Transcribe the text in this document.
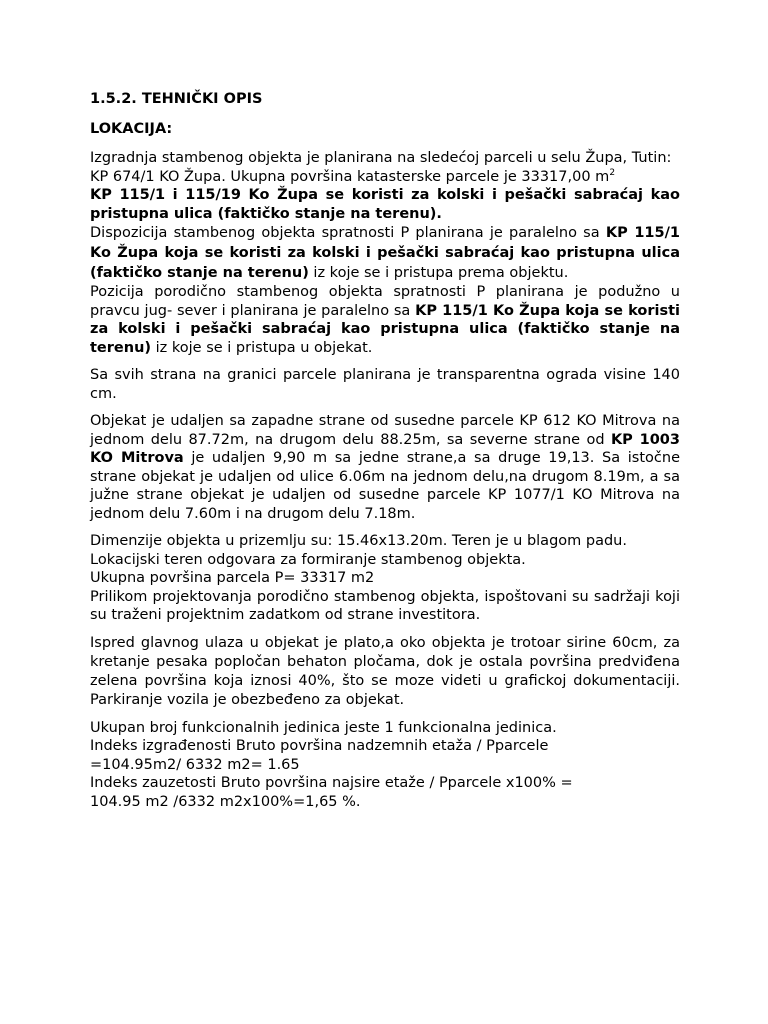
1.5.2. TEHNIČKI OPIS

LOKACIJA:

Izgradnja stambenog objekta je planirana na sledećoj parceli u selu Župa, Tutin:

KP 674/1 KO Župa. Ukupna površina katasterske parcele je 33317,00 $m^2$

KP 115/1 i 115/19 Ko Župa se koristi za kolski i pešački sabraćaj kao pristupna ulica (faktičko stanje na terenu).

Dispozicija stambenog objekta spratnosti P planirana je paralelno sa KP 115/1 Ko Župa koja se koristi za kolski i pešački sabraćaj kao pristupna ulica (faktičko stanje na terenu) iz koje se i pristupa prema objektu.

Pozicija porodično stambenog objekta spratnosti P planirana je podužno u pravcu jug- sever i planirana je paralelno sa KP 115/1 Ko Župa koja se koristi za kolski i pešački sabraćaj kao pristupna ulica (faktičko stanje na terenu) iz koje se i pristupa u objekat.

Sa svih strana na granici parcele planirana je transparentna ograda visine 140 cm.

Objekat je udaljen sa zapadne strane od susedne parcele KP 612 KO Mitrova na jednom delu 87.72m, na drugom delu 88.25m, sa severne strane od KP 1003 KO Mitrova je udaljen 9,90 m sa jedne strane,a sa druge 19,13. Sa istočne strane objekat je udaljen od ulice 6.06m na jednom delu,na drugom 8.19m, a sa južne strane objekat je udaljen od susedne parcele KP 1077/1 KO Mitrova na jednom delu 7.60m i na drugom delu 7.18m.

Dimenzije objekta u prizemlju su: 15.46x13.20m. Teren je u blagom padu.

Lokacijski teren odgovara za formiranje stambenog objekta.

Ukupna površina parcela P= 33317 m2

Prilikom projektovanja porodično stambenog objekta, ispoštovani su sadržaji koji su traženi projektnim zadatkom od strane investitora.

Ispred glavnog ulaza u objekat je plato,a oko objekta je trotoar sirine 60cm, za kretanje pesaka popločan behaton pločama, dok je ostala površina predviđena zelena površina koja iznosi 40%, što se moze videti u grafickoj dokumentaciji. Parkiranje vozila je obezbeđeno za objekat.

Ukupan broj funkcionalnih jedinica jeste 1 funkcionalna jedinica.

Indeks izgrađenosti Bruto površina nadzemnih etaža / Pparcele

=104.95m2/ 6332 m2= 1.65

Indeks zauzetosti Bruto površina najsire etaže / Pparcele x100% =

104.95 m2 /6332 m2x100%=1,65 %.
